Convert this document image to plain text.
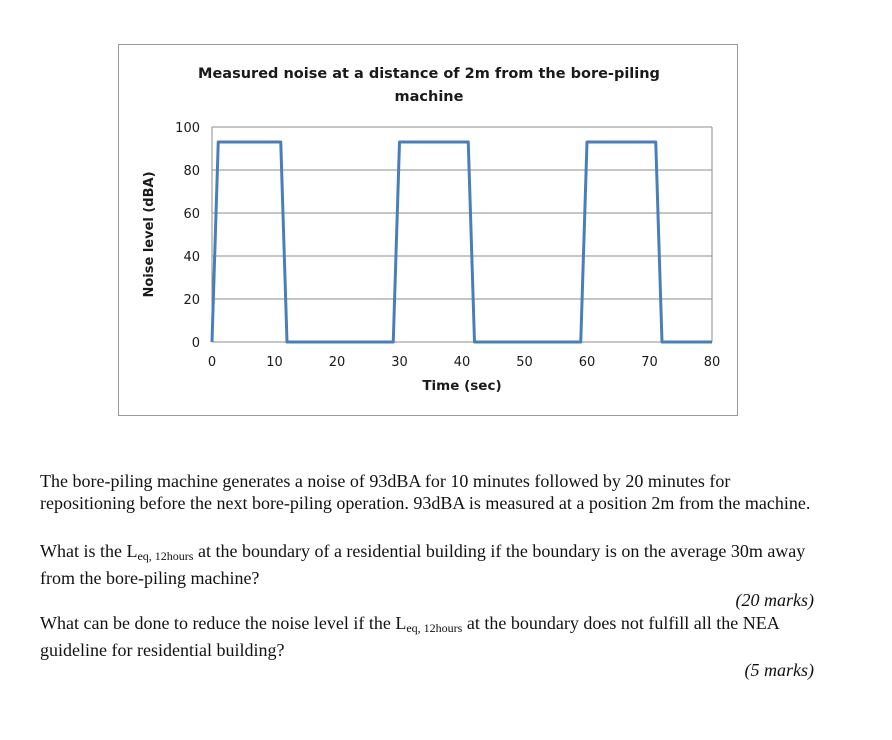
Measured noise at a distance of 2m from the bore-piling machine
0
20
40
60
80
100
0	10	20	30	40	50	60	70	80
Time (sec)
Noise level (dBA)
The bore-piling machine generates a noise of 93dBA for 10 minutes followed by 20 minutes for repositioning before the next bore-piling operation. 93dBA is measured at a position 2m from the machine.
What is the $L_{eq, 12hours}$ at the boundary of a residential building if the boundary is on the average 30m away from the bore-piling machine?
(20 marks)
What can be done to reduce the noise level if the $L_{eq, 12hours}$ at the boundary does not fulfill all the NEA guideline for residential building?
(5 marks)
